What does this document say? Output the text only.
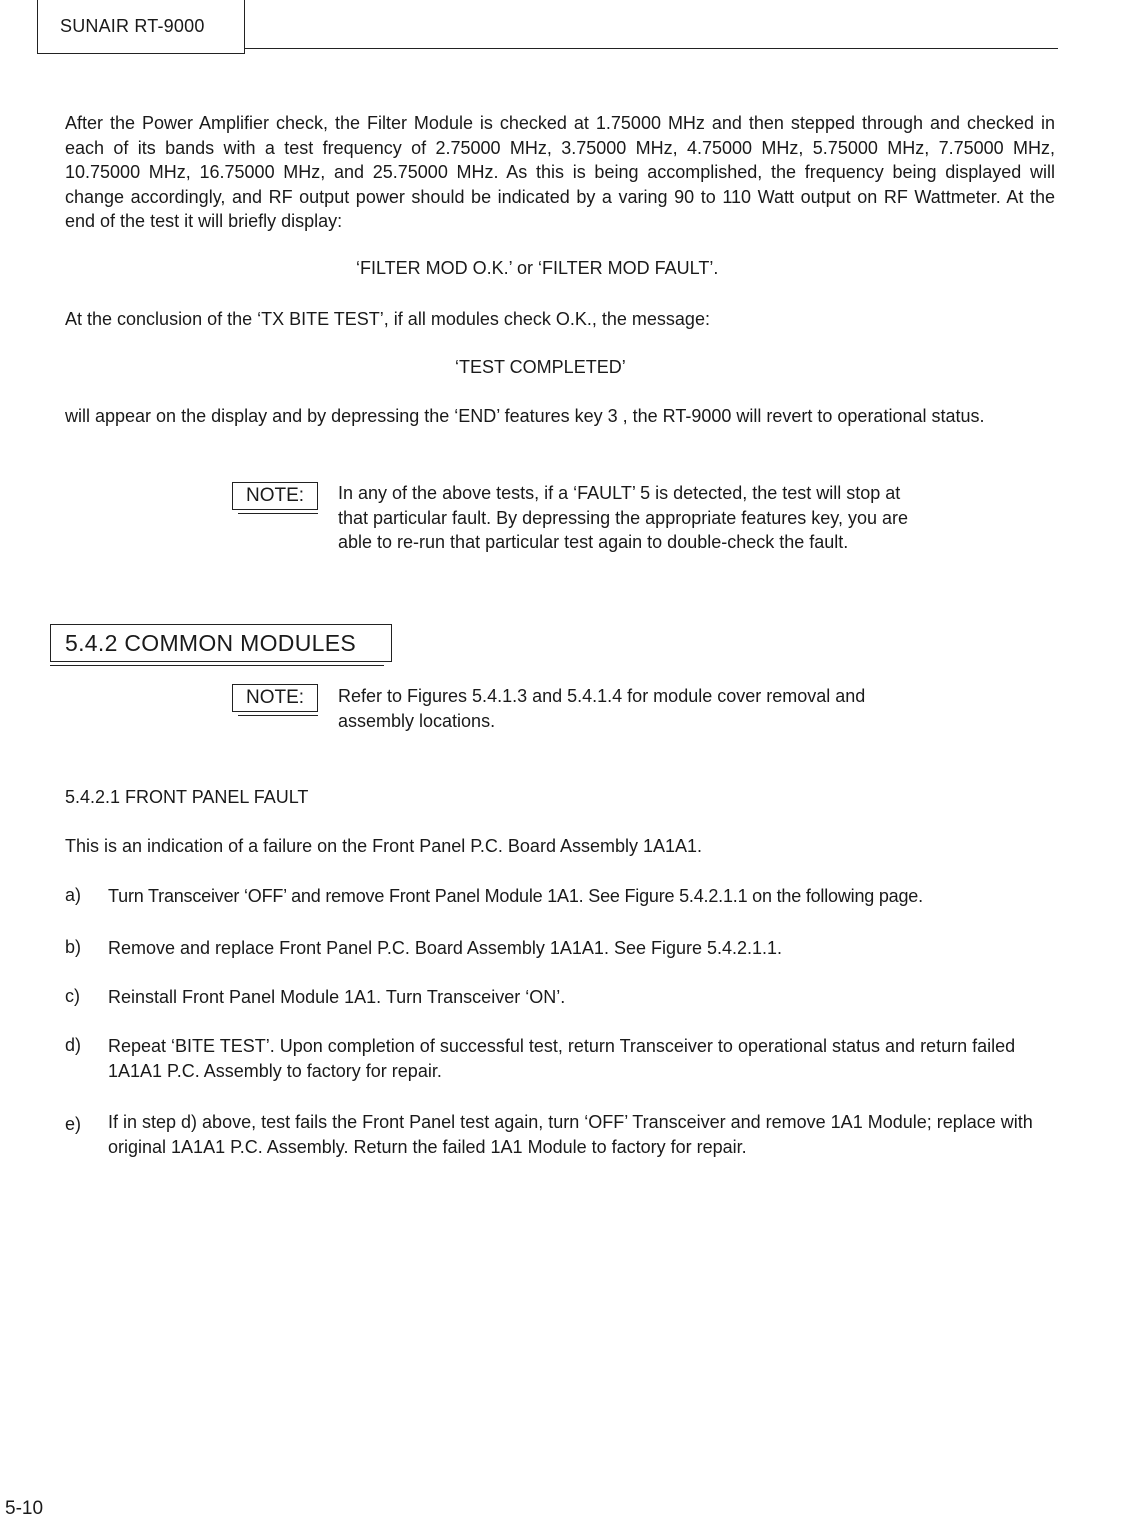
SUNAIR RT-9000

After the Power Amplifier check, the Filter Module is checked at 1.75000 MHz and then stepped through and checked in each of its bands with a test frequency of 2.75000 MHz, 3.75000 MHz, 4.75000 MHz, 5.75000 MHz, 7.75000 MHz, 10.75000 MHz, 16.75000 MHz, and 25.75000 MHz. As this is being accomplished, the frequency being displayed will change accordingly, and RF output power should be indicated by a varing 90 to 110 Watt output on RF Wattmeter. At the end of the test it will briefly display:

‘FILTER MOD O.K.’ or ‘FILTER MOD FAULT’.
At the conclusion of the ‘TX BITE TEST’, if all modules check O.K., the message:
‘TEST COMPLETED’

will appear on the display and by depressing the ‘END’ features key 3 , the RT-9000 will revert to operational status.

NOTE:	In any of the above tests, if a ‘FAULT’ 5 is detected, the test will stop at that particular fault. By depressing the appropriate features key, you are able to re-run that particular test again to double-check the fault.

5.4.2 COMMON MODULES
NOTE:	Refer to Figures 5.4.1.3 and 5.4.1.4 for module cover removal and assembly locations.

5.4.2.1 FRONT PANEL FAULT
This is an indication of a failure on the Front Panel P.C. Board Assembly 1A1A1.
a) Turn Transceiver ‘OFF’ and remove Front Panel Module 1A1. See Figure 5.4.2.1.1 on the following page.

b) Remove and replace Front Panel P.C. Board Assembly 1A1A1. See Figure 5.4.2.1.1.

c) Reinstall Front Panel Module 1A1. Turn Transceiver ‘ON’.

d) Repeat ‘BITE TEST’. Upon completion of successful test, return Transceiver to operational status and return failed 1A1A1 P.C. Assembly to factory for repair.

e) If in step d) above, test fails the Front Panel test again, turn ‘OFF’ Transceiver and remove 1A1 Module; replace with original 1A1A1 P.C. Assembly. Return the failed 1A1 Module to factory for repair.

5-10
